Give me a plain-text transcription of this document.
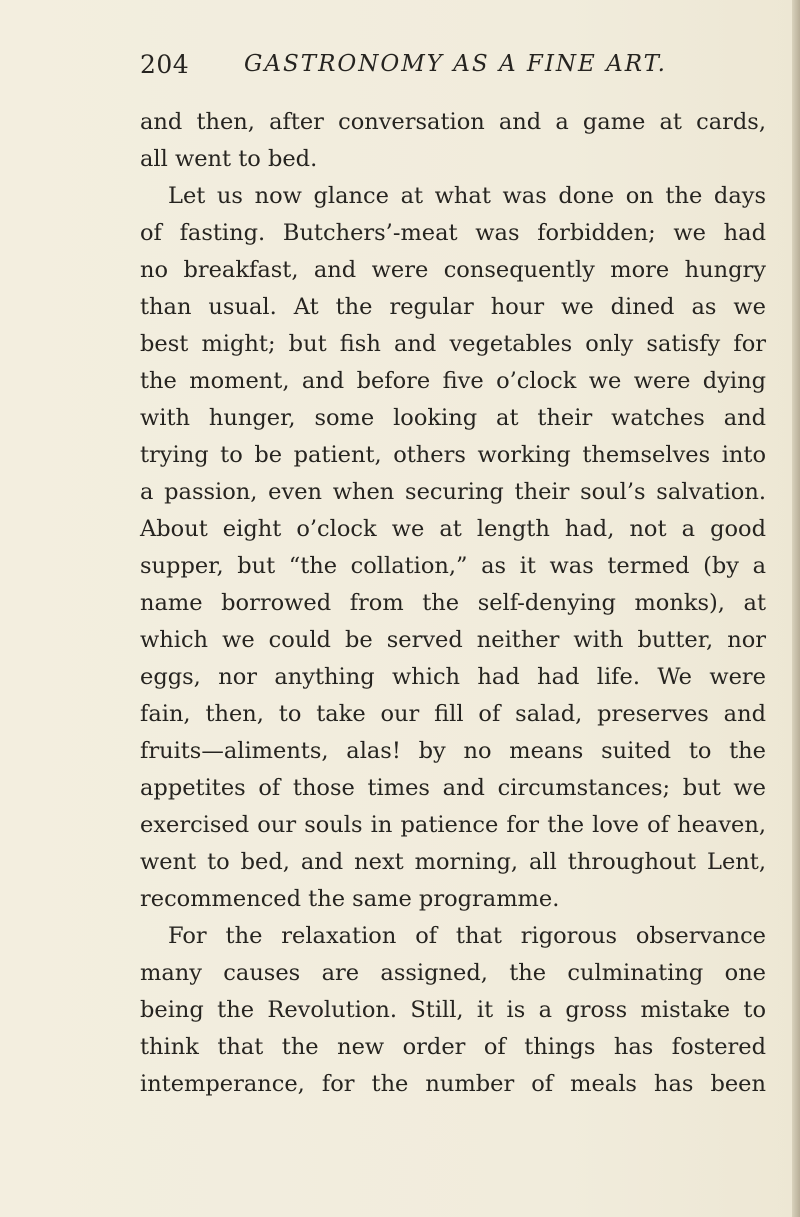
204 GASTRONOMY AS A FINE ART.
and then, after conversation and a game at cards,
all went to bed.
Let us now glance at what was done on the days
of fasting. Butchers’-meat was forbidden; we had
no breakfast, and were consequently more hungry
than usual. At the regular hour we dined as we
best might; but fish and vegetables only satisfy for
the moment, and before five o’clock we were dying
with hunger, some looking at their watches and
trying to be patient, others working themselves into
a passion, even when securing their soul’s salvation.
About eight o’clock we at length had, not a good
supper, but “the collation,” as it was termed (by a
name borrowed from the self-denying monks), at
which we could be served neither with butter, nor
eggs, nor anything which had had life. We were
fain, then, to take our fill of salad, preserves and
fruits—aliments, alas! by no means suited to the
appetites of those times and circumstances; but we
exercised our souls in patience for the love of heaven,
went to bed, and next morning, all throughout Lent,
recommenced the same programme.
For the relaxation of that rigorous observance
many causes are assigned, the culminating one
being the Revolution. Still, it is a gross mistake to
think that the new order of things has fostered
intemperance, for the number of meals has been
